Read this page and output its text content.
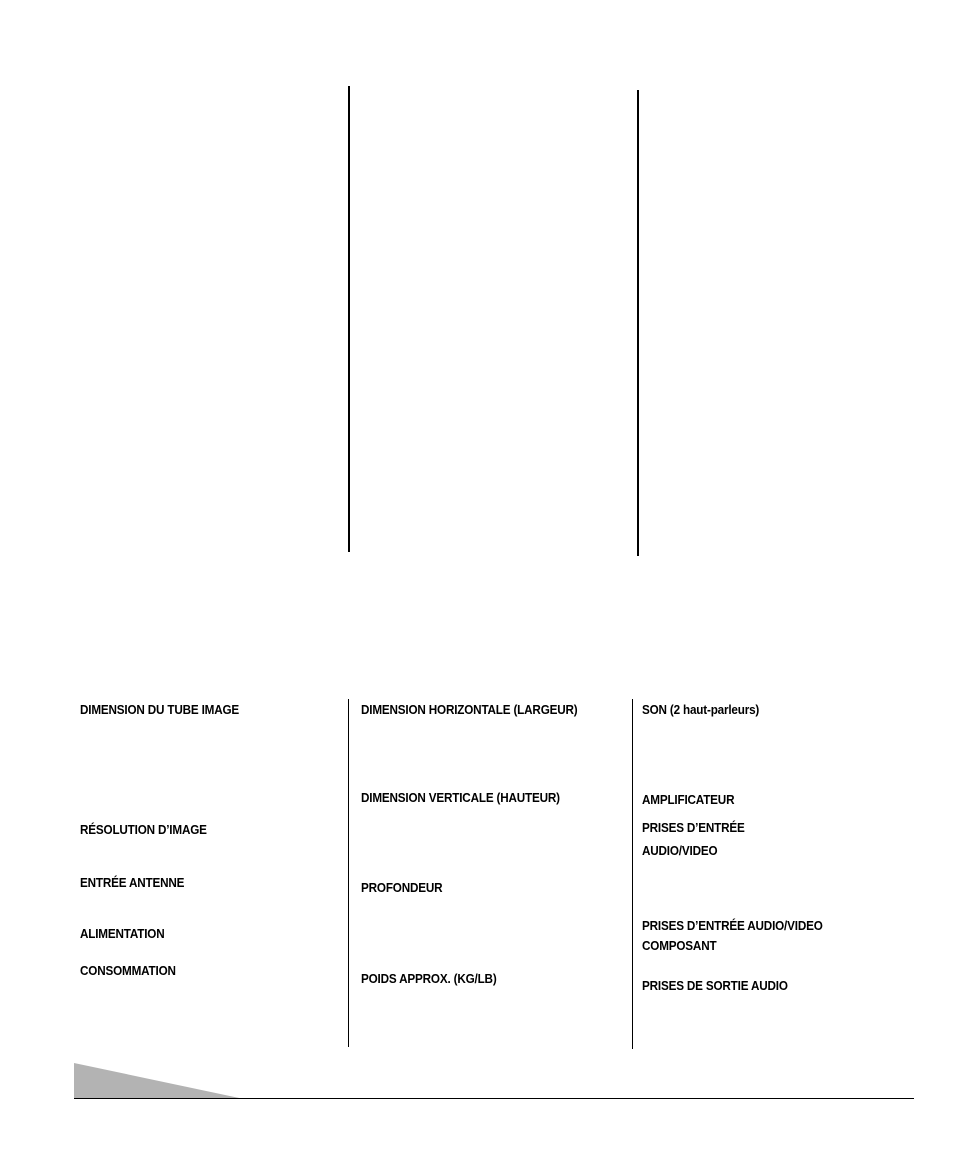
DIMENSION DU TUBE IMAGE
RÉSOLUTION D’IMAGE
ENTRÉE ANTENNE
ALIMENTATION
CONSOMMATION
DIMENSION HORIZONTALE (LARGEUR)
DIMENSION VERTICALE (HAUTEUR)
PROFONDEUR
POIDS APPROX. (KG/LB)
SON (2 haut-parleurs)
AMPLIFICATEUR
PRISES D’ENTRÉE
AUDIO/VIDEO
PRISES D’ENTRÉE AUDIO/VIDEO
COMPOSANT
PRISES DE SORTIE AUDIO
